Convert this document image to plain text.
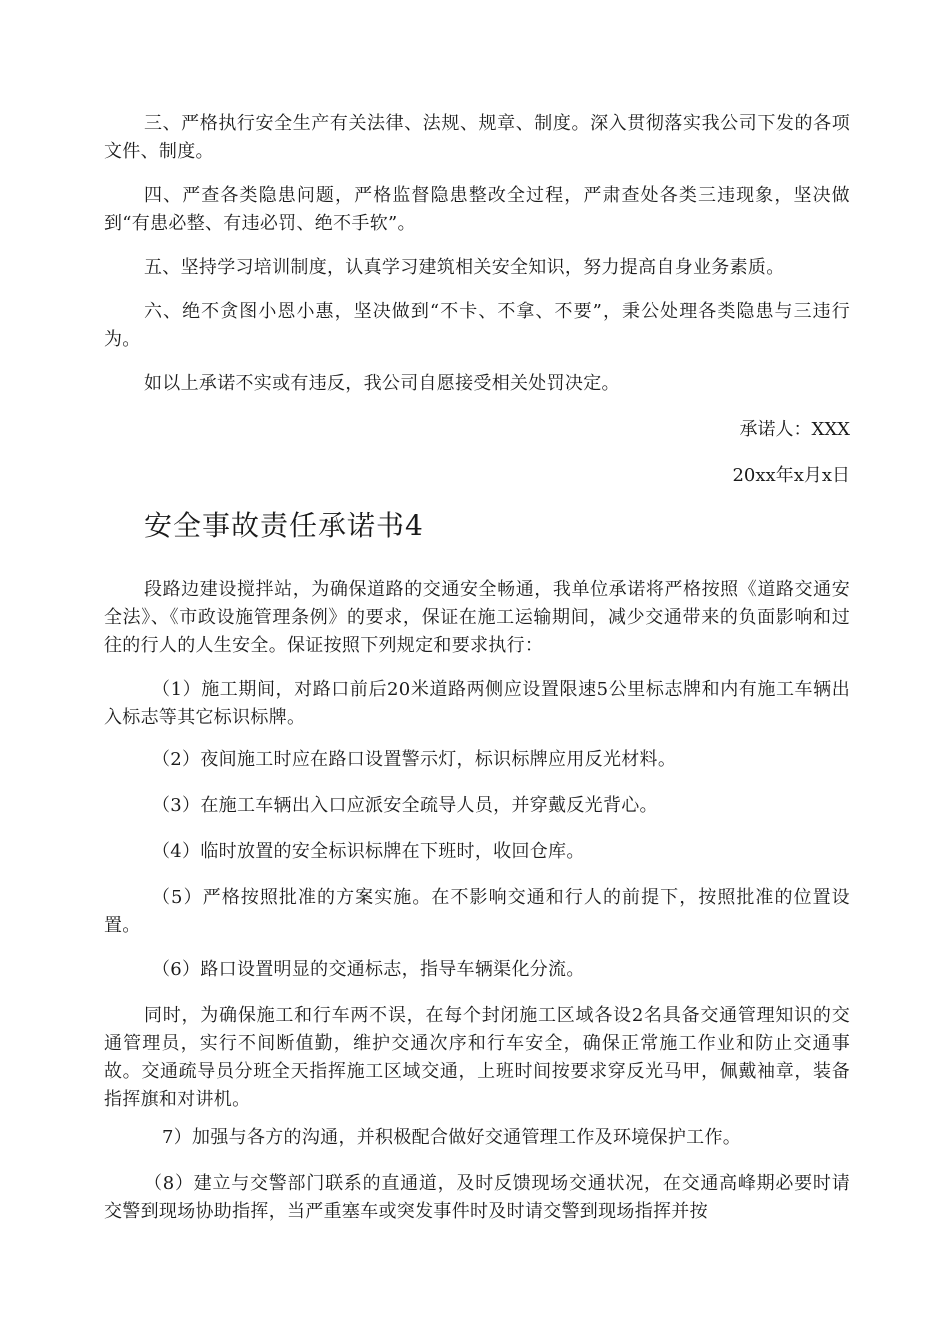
三、严格执行安全生产有关法律、法规、规章、制度。深入贯彻落实我公司下发的各项文件、制度。

四、严查各类隐患问题，严格监督隐患整改全过程，严肃查处各类三违现象，坚决做到“有患必整、有违必罚、绝不手软”。

五、坚持学习培训制度，认真学习建筑相关安全知识，努力提高自身业务素质。

六、绝不贪图小恩小惠，坚决做到“不卡、不拿、不要”，秉公处理各类隐患与三违行为。

如以上承诺不实或有违反，我公司自愿接受相关处罚决定。

承诺人：XXX

20xx年x月x日

安全事故责任承诺书4

段路边建设搅拌站，为确保道路的交通安全畅通，我单位承诺将严格按照《道路交通安全法》、《市政设施管理条例》的要求，保证在施工运输期间，减少交通带来的负面影响和过往的行人的人生安全。保证按照下列规定和要求执行：

（1）施工期间，对路口前后20米道路两侧应设置限速5公里标志牌和内有施工车辆出入标志等其它标识标牌。

（2）夜间施工时应在路口设置警示灯，标识标牌应用反光材料。

（3）在施工车辆出入口应派安全疏导人员，并穿戴反光背心。

（4）临时放置的安全标识标牌在下班时，收回仓库。

（5）严格按照批准的方案实施。在不影响交通和行人的前提下，按照批准的位置设置。

（6）路口设置明显的交通标志，指导车辆渠化分流。

同时，为确保施工和行车两不误，在每个封闭施工区域各设2名具备交通管理知识的交通管理员，实行不间断值勤，维护交通次序和行车安全，确保正常施工作业和防止交通事故。交通疏导员分班全天指挥施工区域交通，上班时间按要求穿反光马甲，佩戴袖章，装备指挥旗和对讲机。

7）加强与各方的沟通，并积极配合做好交通管理工作及环境保护工作。

（8）建立与交警部门联系的直通道，及时反馈现场交通状况，在交通高峰期必要时请交警到现场协助指挥，当严重塞车或突发事件时及时请交警到现场指挥并按
